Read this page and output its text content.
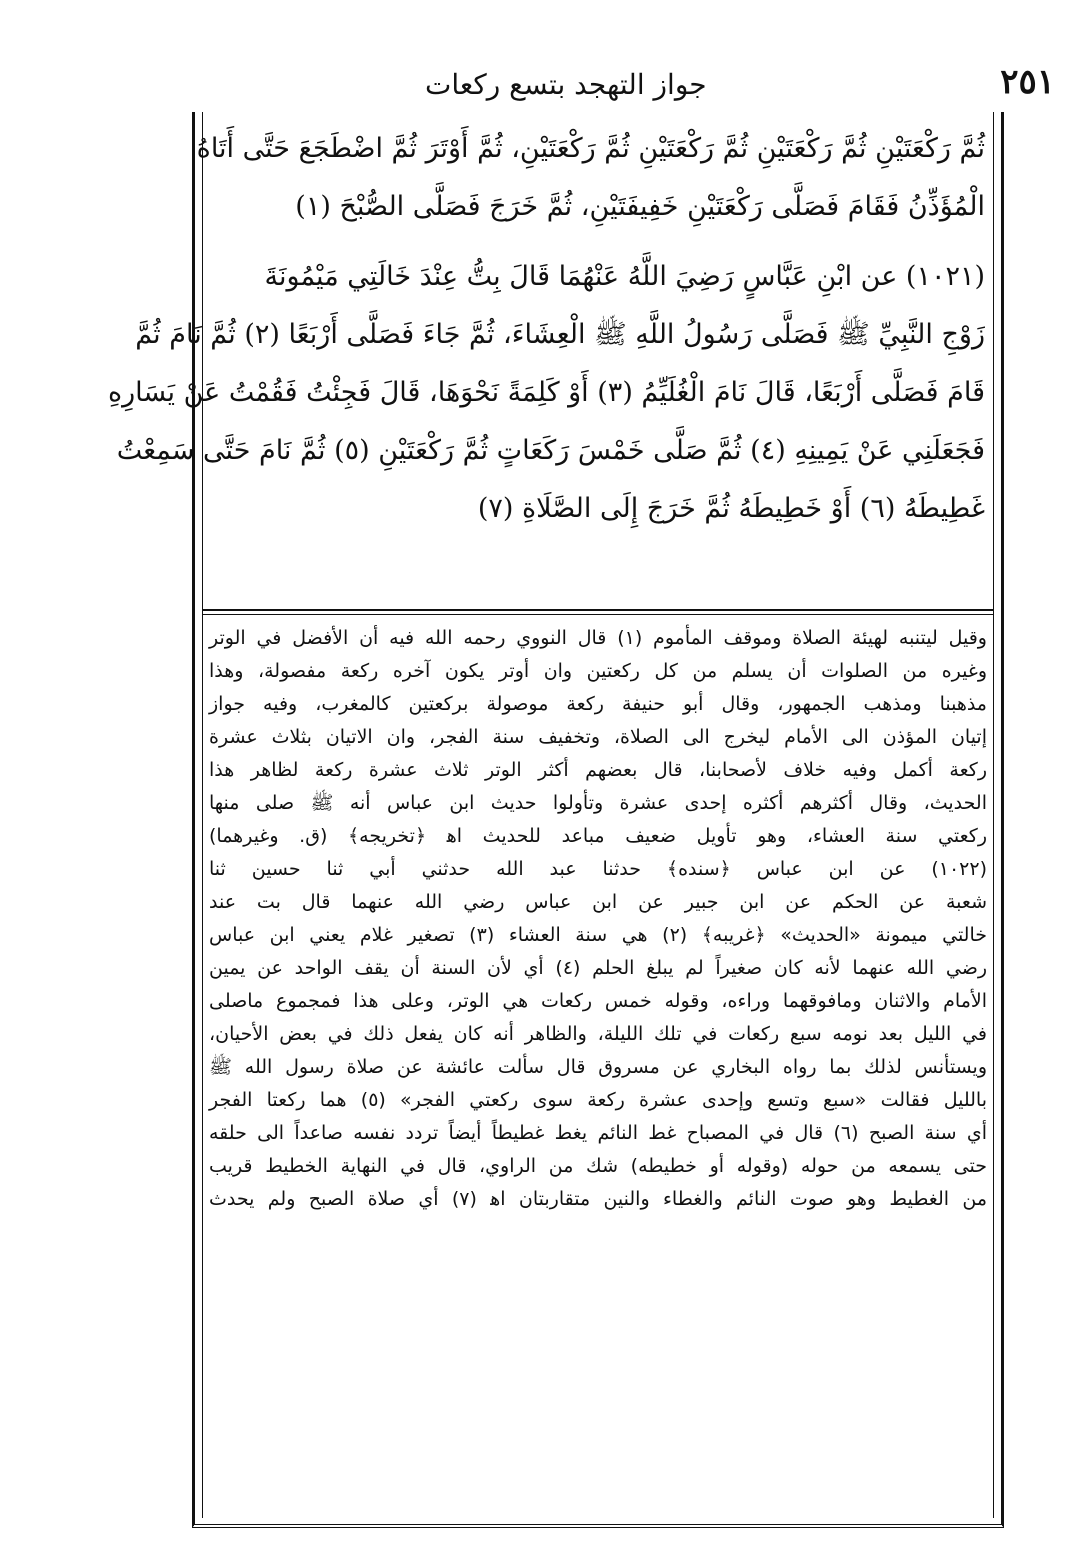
جواز التهجد بتسع ركعات	٢٥١
ثُمَّ رَكْعَتَيْنِ ثُمَّ رَكْعَتَيْنِ ثُمَّ رَكْعَتَيْنِ ثُمَّ رَكْعَتَيْنِ، ثُمَّ أَوْتَرَ ثُمَّ اضْطَجَعَ حَتَّى أَتَاهُ
الْمُؤَذِّنُ فَقَامَ فَصَلَّى رَكْعَتَيْنِ خَفِيفَتَيْنِ، ثُمَّ خَرَجَ فَصَلَّى الصُّبْحَ (١)
(١٠٢١) عن ابْنِ عَبَّاسٍ رَضِيَ اللَّهُ عَنْهُمَا قَالَ بِتُّ عِنْدَ خَالَتِي مَيْمُونَةَ
زَوْجِ النَّبِيِّ ﷺ فَصَلَّى رَسُولُ اللَّهِ ﷺ الْعِشَاءَ، ثُمَّ جَاءَ فَصَلَّى أَرْبَعًا (٢) ثُمَّ نَامَ ثُمَّ
قَامَ فَصَلَّى أَرْبَعًا، قَالَ نَامَ الْغُلَيِّمُ (٣) أَوْ كَلِمَةً نَحْوَهَا، قَالَ فَجِئْتُ فَقُمْتُ عَنْ يَسَارِهِ
فَجَعَلَنِي عَنْ يَمِينِهِ (٤) ثُمَّ صَلَّى خَمْسَ رَكَعَاتٍ ثُمَّ رَكْعَتَيْنِ (٥) ثُمَّ نَامَ حَتَّى سَمِعْتُ
غَطِيطَهُ (٦) أَوْ خَطِيطَهُ ثُمَّ خَرَجَ إِلَى الصَّلَاةِ (٧)
وقيل ليتنبه لهيئة الصلاة وموقف المأموم (١) قال النووي رحمه الله فيه أن الأفضل في الوتر
وغيره من الصلوات أن يسلم من كل ركعتين وان أوتر يكون آخره ركعة مفصولة، وهذا
مذهبنا ومذهب الجمهور، وقال أبو حنيفة ركعة موصولة بركعتين كالمغرب، وفيه جواز
إتيان المؤذن الى الأمام ليخرج الى الصلاة، وتخفيف سنة الفجر، وان الاتيان بثلاث عشرة
ركعة أكمل وفيه خلاف لأصحابنا، قال بعضهم أكثر الوتر ثلاث عشرة ركعة لظاهر هذا
الحديث، وقال أكثرهم أكثره إحدى عشرة وتأولوا حديث ابن عباس أنه ﷺ صلى منها
ركعتي سنة العشاء، وهو تأويل ضعيف مباعد للحديث اه‍ ﴿تخريجه﴾ (ق. وغيرهما)
(١٠٢٢) عن ابن عباس ﴿سنده﴾ حدثنا عبد الله حدثني أبي ثنا حسين ثنا
شعبة عن الحكم عن ابن جبير عن ابن عباس رضي الله عنهما قال بت عند
خالتي ميمونة «الحديث» ﴿غريبه﴾ (٢) هي سنة العشاء (٣) تصغير غلام يعني ابن عباس
رضي الله عنهما لأنه كان صغيراً لم يبلغ الحلم (٤) أي لأن السنة أن يقف الواحد عن يمين
الأمام والاثنان ومافوقهما وراءه، وقوله خمس ركعات هي الوتر، وعلى هذا فمجموع ماصلى
في الليل بعد نومه سبع ركعات في تلك الليلة، والظاهر أنه كان يفعل ذلك في بعض الأحيان،
ويستأنس لذلك بما رواه البخاري عن مسروق قال سألت عائشة عن صلاة رسول الله ﷺ
بالليل فقالت «سبع وتسع وإحدى عشرة ركعة سوى ركعتي الفجر» (٥) هما ركعتا الفجر
أي سنة الصبح (٦) قال في المصباح غط النائم يغط غطيطاً أيضاً تردد نفسه صاعداً الى حلقه
حتى يسمعه من حوله (وقوله أو خطيطه) شك من الراوي، قال في النهاية الخطيط قريب
من الغطيط وهو صوت النائم والغطاء والنين متقاربتان اه‍ (٧) أي صلاة الصبح ولم يحدث
